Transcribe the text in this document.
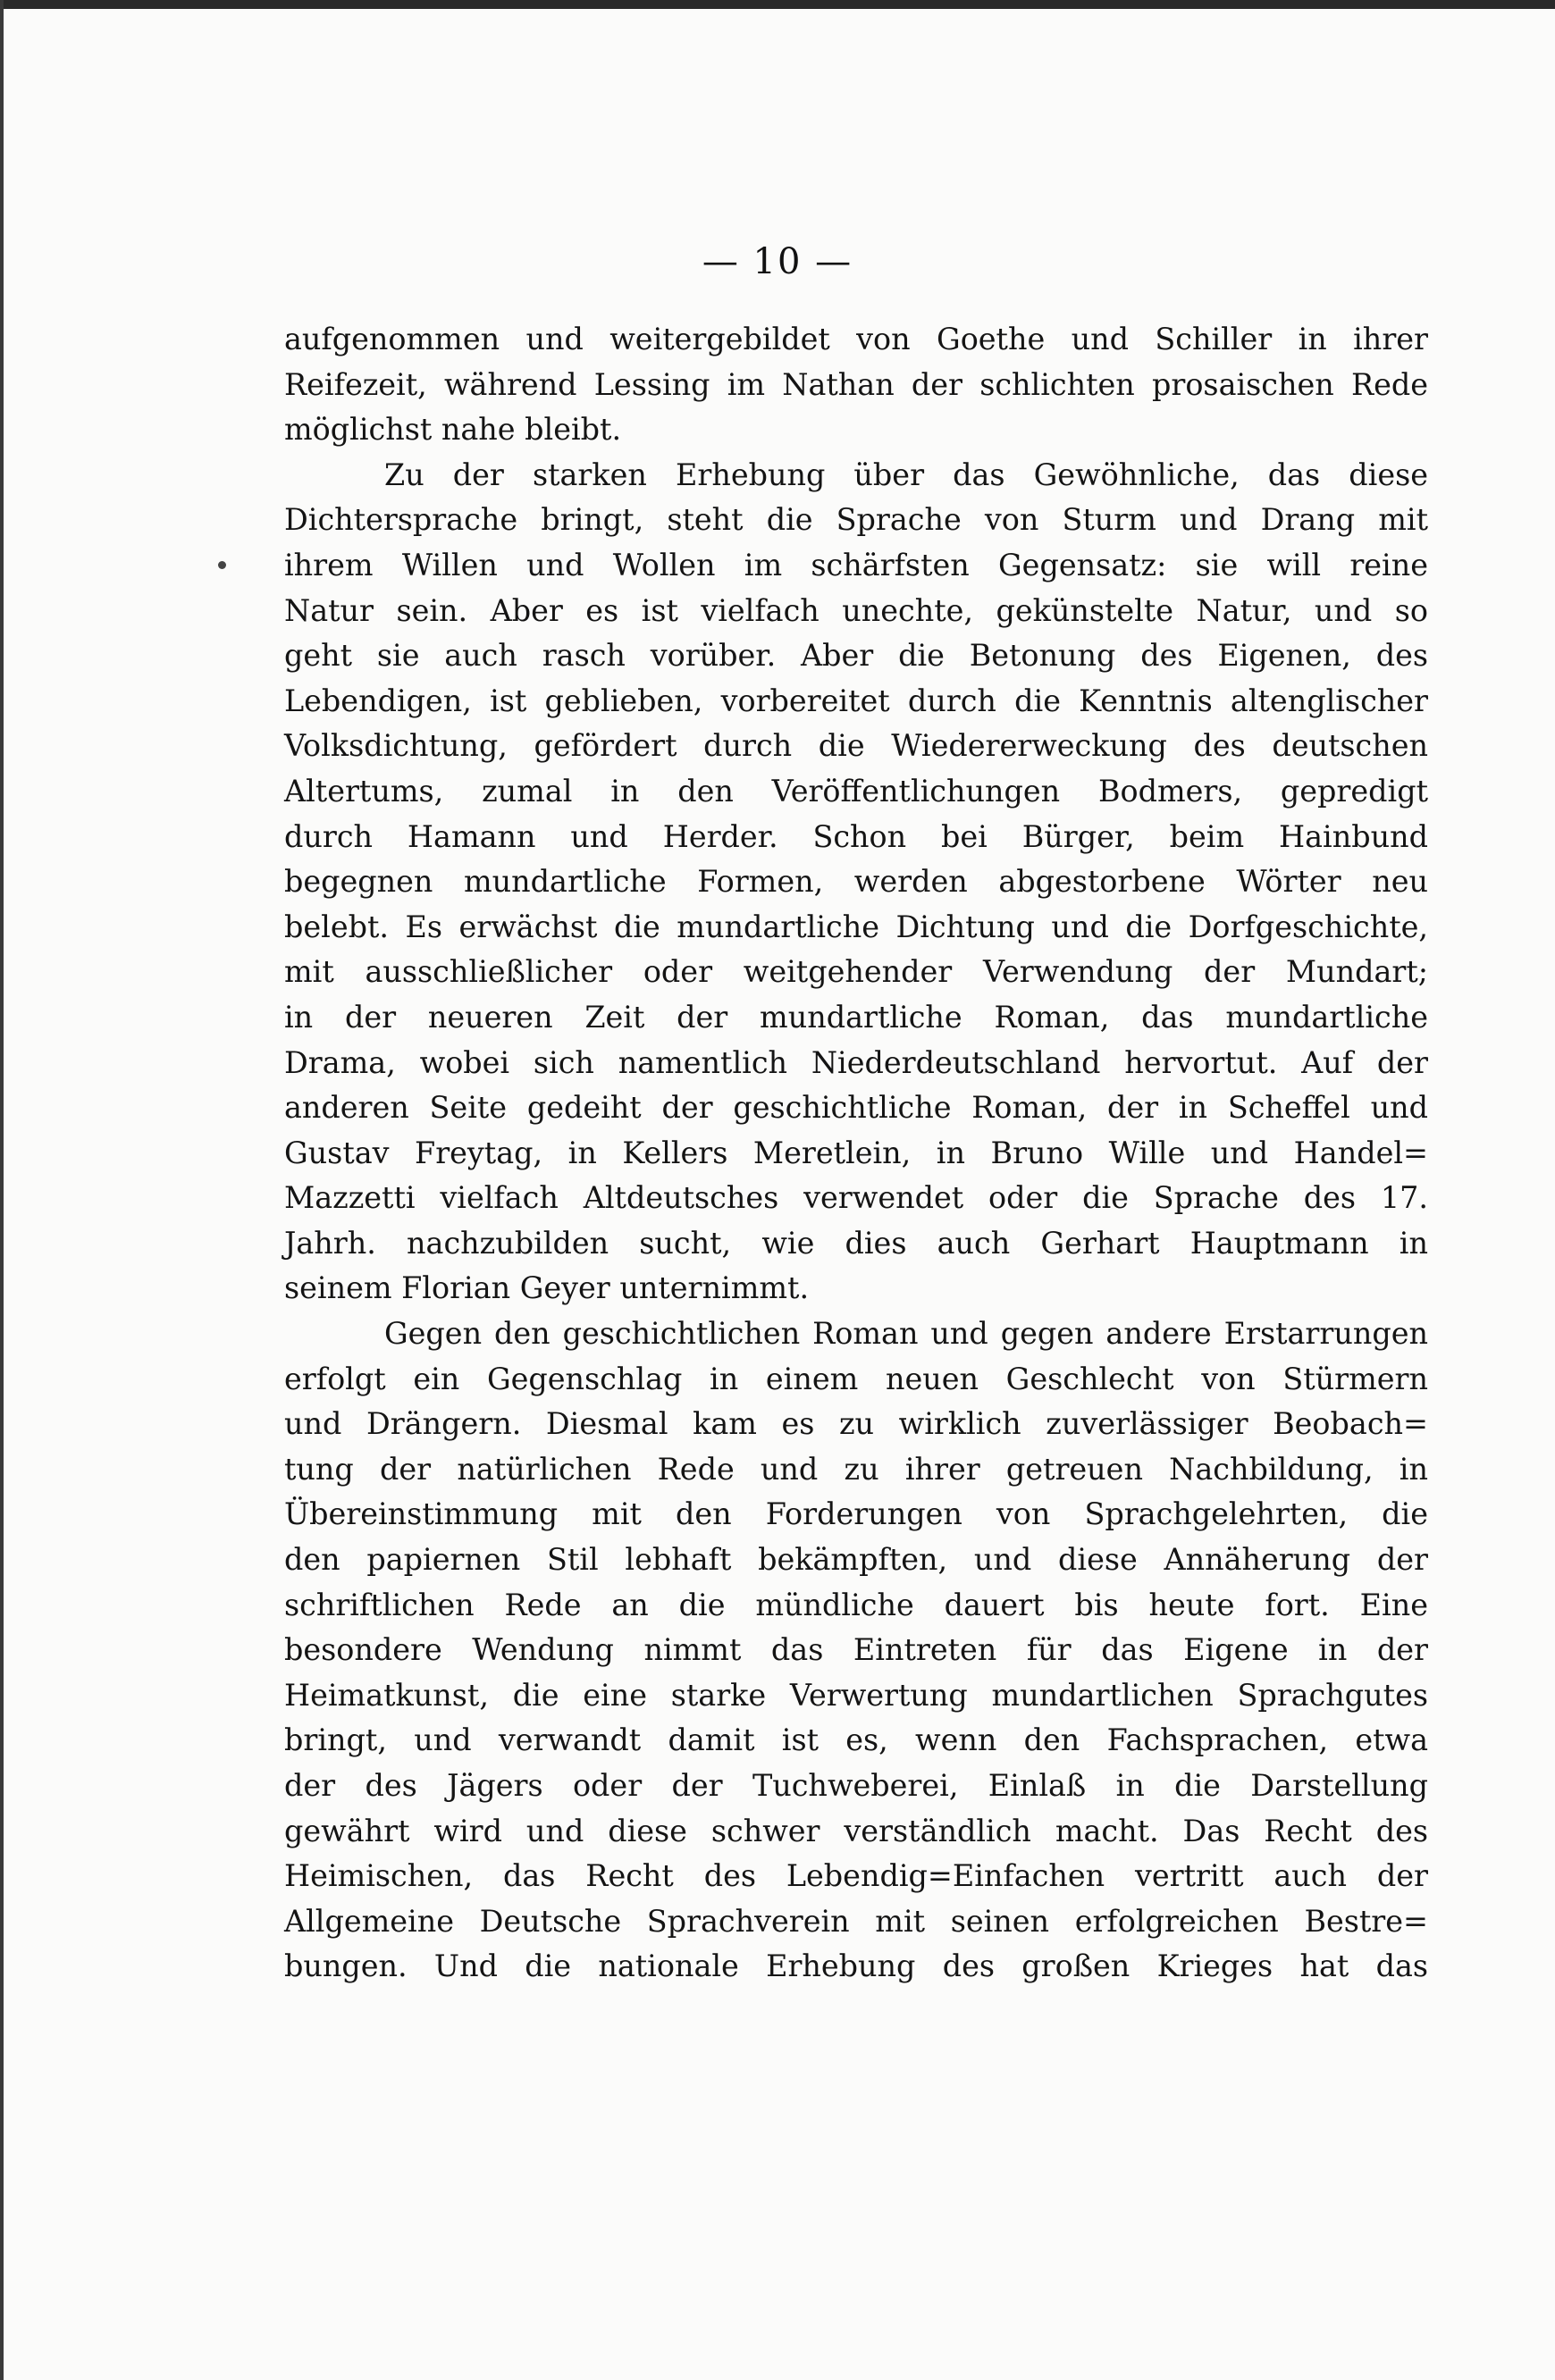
— 10 —
aufgenommen und weitergebildet von Goethe und Schiller in ihrer
Reifezeit, während Lessing im Nathan der schlichten prosaischen Rede
möglichst nahe bleibt.
Zu der starken Erhebung über das Gewöhnliche, das diese
Dichtersprache bringt, steht die Sprache von Sturm und Drang mit
ihrem Willen und Wollen im schärfsten Gegensatz: sie will reine
Natur sein. Aber es ist vielfach unechte, gekünstelte Natur, und so
geht sie auch rasch vorüber. Aber die Betonung des Eigenen, des
Lebendigen, ist geblieben, vorbereitet durch die Kenntnis altenglischer
Volksdichtung, gefördert durch die Wiedererweckung des deutschen
Altertums, zumal in den Veröffentlichungen Bodmers, gepredigt
durch Hamann und Herder. Schon bei Bürger, beim Hainbund
begegnen mundartliche Formen, werden abgestorbene Wörter neu
belebt. Es erwächst die mundartliche Dichtung und die Dorfgeschichte,
mit ausschließlicher oder weitgehender Verwendung der Mundart;
in der neueren Zeit der mundartliche Roman, das mundartliche
Drama, wobei sich namentlich Niederdeutschland hervortut. Auf der
anderen Seite gedeiht der geschichtliche Roman, der in Scheffel und
Gustav Freytag, in Kellers Meretlein, in Bruno Wille und Handel=
Mazzetti vielfach Altdeutsches verwendet oder die Sprache des 17.
Jahrh. nachzubilden sucht, wie dies auch Gerhart Hauptmann in
seinem Florian Geyer unternimmt.
Gegen den geschichtlichen Roman und gegen andere Erstarrungen
erfolgt ein Gegenschlag in einem neuen Geschlecht von Stürmern
und Drängern. Diesmal kam es zu wirklich zuverlässiger Beobach=
tung der natürlichen Rede und zu ihrer getreuen Nachbildung, in
Übereinstimmung mit den Forderungen von Sprachgelehrten, die
den papiernen Stil lebhaft bekämpften, und diese Annäherung der
schriftlichen Rede an die mündliche dauert bis heute fort. Eine
besondere Wendung nimmt das Eintreten für das Eigene in der
Heimatkunst, die eine starke Verwertung mundartlichen Sprachgutes
bringt, und verwandt damit ist es, wenn den Fachsprachen, etwa
der des Jägers oder der Tuchweberei, Einlaß in die Darstellung
gewährt wird und diese schwer verständlich macht. Das Recht des
Heimischen, das Recht des Lebendig=Einfachen vertritt auch der
Allgemeine Deutsche Sprachverein mit seinen erfolgreichen Bestre=
bungen. Und die nationale Erhebung des großen Krieges hat das
